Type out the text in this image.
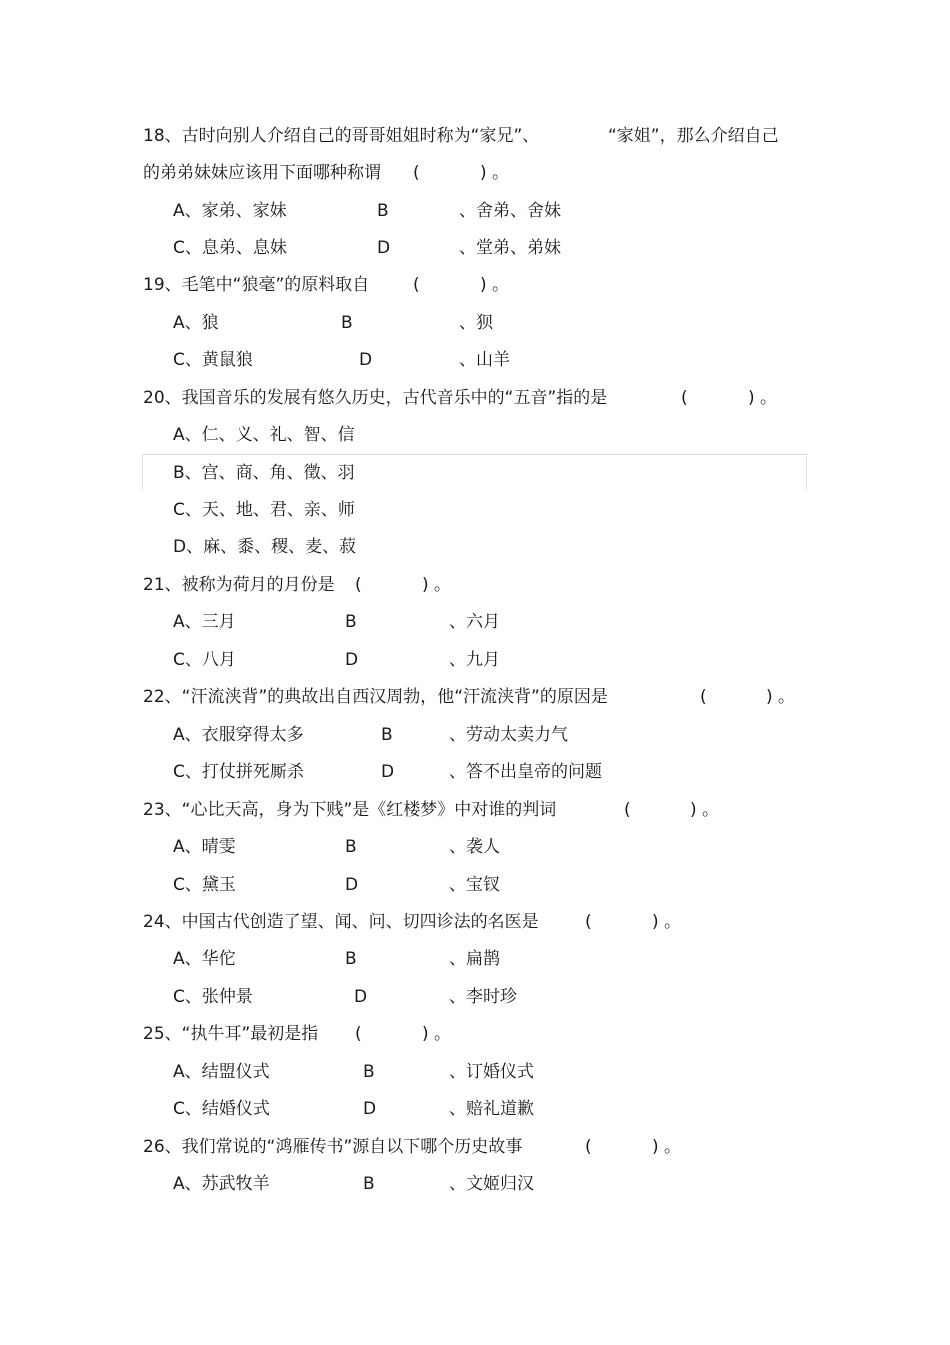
18、古时向别人介绍自己的哥哥姐姐时称为“家兄”、	“家姐”，那么介绍自己
的弟弟妹妹应该用下面哪种称谓 (	) 。
A、家弟、家妹	B	、舍弟、舍妹
C、息弟、息妹	D	、堂弟、弟妹
19、毛笔中“狼毫”的原料取自	(	) 。
A、狼	B	、狈
C、黄鼠狼	D	、山羊
20、我国音乐的发展有悠久历史，古代音乐中的“五音”指的是	(	) 。
A、仁、义、礼、智、信
B、宫、商、角、徵、羽
C、天、地、君、亲、师
D、麻、黍、稷、麦、菽
21、被称为荷月的月份是 (	) 。
A、三月	B	、六月
C、八月	D	、九月
22、“汗流浃背”的典故出自西汉周勃，他“汗流浃背”的原因是	(	) 。
A、衣服穿得太多	B	、劳动太卖力气
C、打仗拼死厮杀	D	、答不出皇帝的问题
23、“心比天高，身为下贱”是《红楼梦》中对谁的判词	(	) 。
A、晴雯	B	、袭人
C、黛玉	D	、宝钗
24、中国古代创造了望、闻、问、切四诊法的名医是	(	) 。
A、华佗	B	、扁鹊
C、张仲景	D	、李时珍
25、“执牛耳”最初是指 (	) 。
A、结盟仪式	B	、订婚仪式
C、结婚仪式	D	、赔礼道歉
26、我们常说的“鸿雁传书”源自以下哪个历史故事	(	) 。
A、苏武牧羊	B	、文姬归汉
